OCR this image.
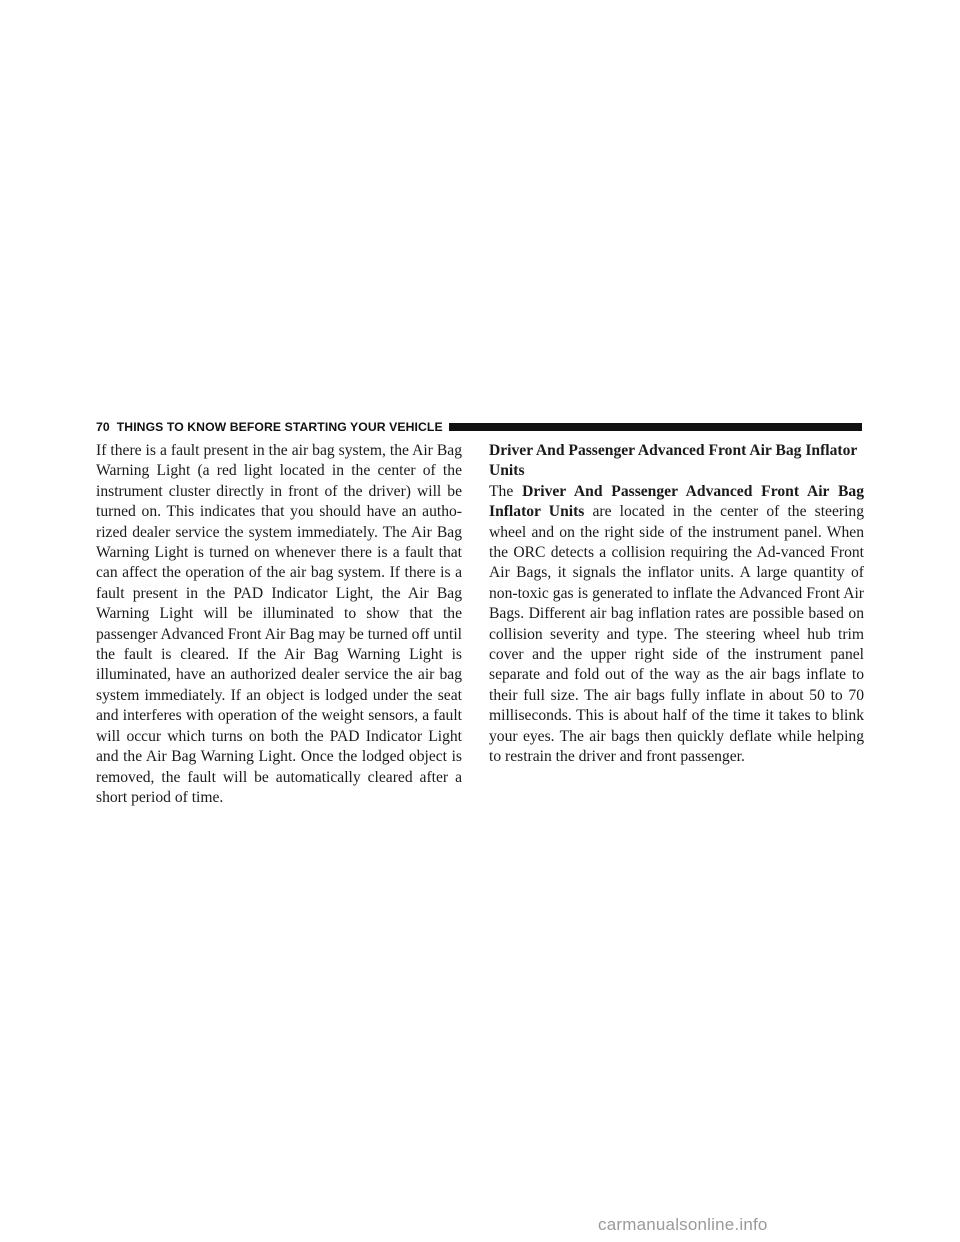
70 THINGS TO KNOW BEFORE STARTING YOUR VEHICLE

If there is a fault present in the air bag system, the Air Bag Warning Light (a red light located in the center of the instrument cluster directly in front of the driver) will be turned on. This indicates that you should have an autho-rized dealer service the system immediately. The Air Bag Warning Light is turned on whenever there is a fault that can affect the operation of the air bag system. If there is a fault present in the PAD Indicator Light, the Air Bag Warning Light will be illuminated to show that the passenger Advanced Front Air Bag may be turned off until the fault is cleared. If the Air Bag Warning Light is illuminated, have an authorized dealer service the air bag system immediately. If an object is lodged under the seat and interferes with operation of the weight sensors, a fault will occur which turns on both the PAD Indicator Light and the Air Bag Warning Light. Once the lodged object is removed, the fault will be automatically cleared after a short period of time.

Driver And Passenger Advanced Front Air Bag Inflator Units

The Driver And Passenger Advanced Front Air Bag Inflator Units are located in the center of the steering wheel and on the right side of the instrument panel. When the ORC detects a collision requiring the Ad-vanced Front Air Bags, it signals the inflator units. A large quantity of non-toxic gas is generated to inflate the Advanced Front Air Bags. Different air bag inflation rates are possible based on collision severity and type. The steering wheel hub trim cover and the upper right side of the instrument panel separate and fold out of the way as the air bags inflate to their full size. The air bags fully inflate in about 50 to 70 milliseconds. This is about half of the time it takes to blink your eyes. The air bags then quickly deflate while helping to restrain the driver and front passenger.

carmanualsonline.info
